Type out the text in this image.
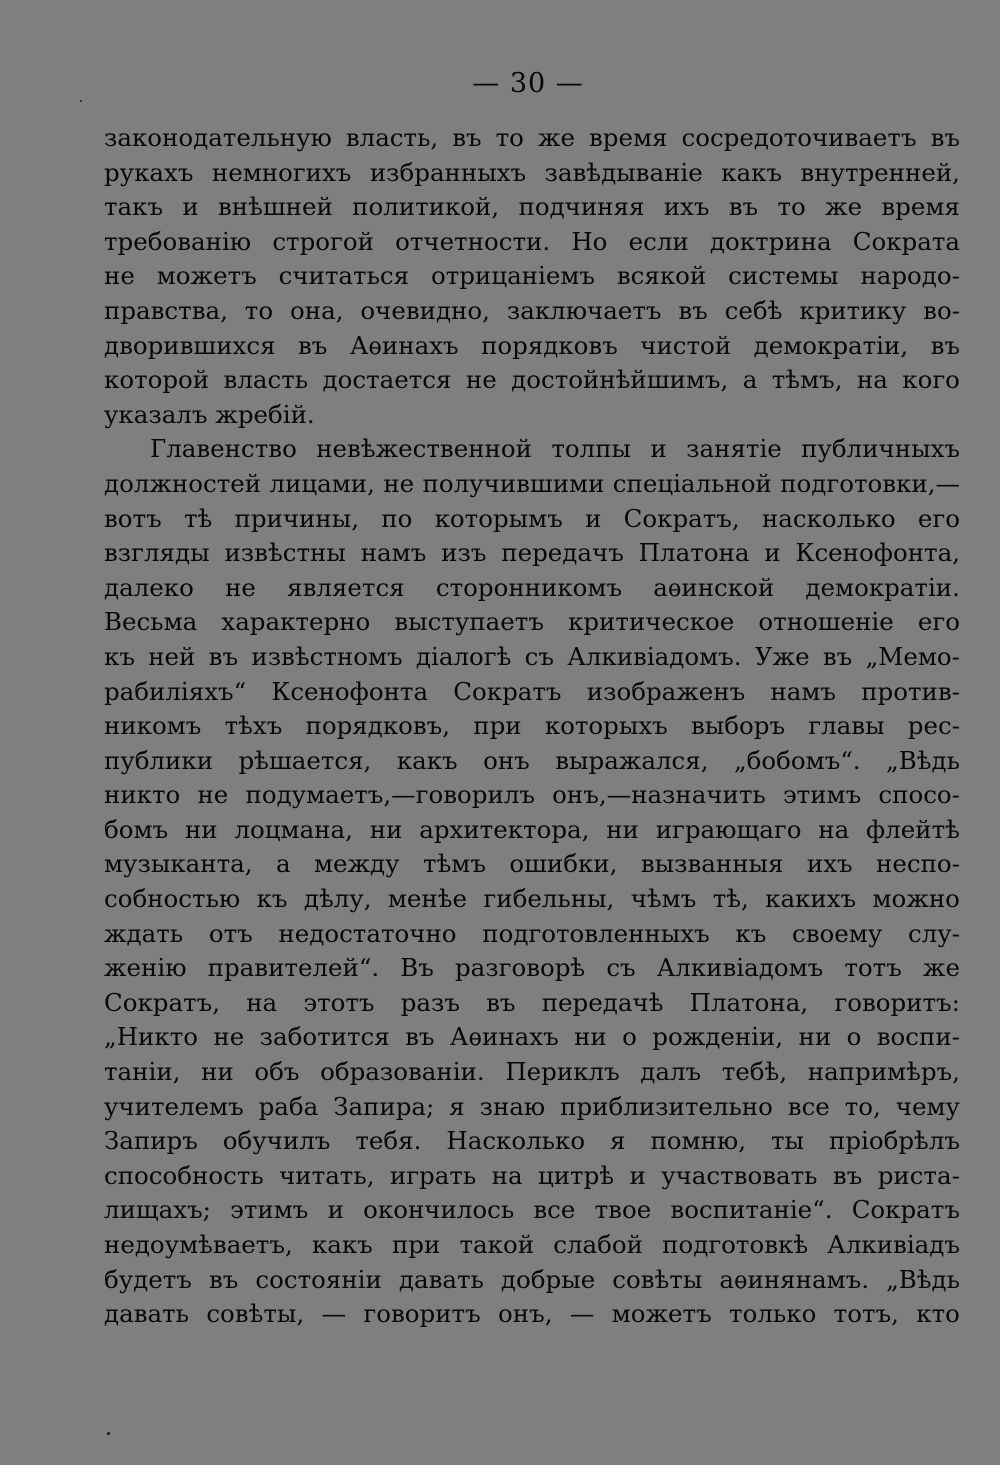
— 30 —
законодательную власть, въ то же время сосредоточиваетъ въ
рукахъ немногихъ избранныхъ завѣдываніе какъ внутренней,
такъ и внѣшней политикой, подчиняя ихъ въ то же время
требованію строгой отчетности. Но если доктрина Сократа
не можетъ считаться отрицаніемъ всякой системы народо-
правства, то она, очевидно, заключаетъ въ себѣ критику во-
дворившихся въ Аѳинахъ порядковъ чистой демократіи, въ
которой власть достается не достойнѣйшимъ, а тѣмъ, на кого
указалъ жребій.
Главенство невѣжественной толпы и занятіе публичныхъ
должностей лицами, не получившими спеціальной подготовки,—
вотъ тѣ причины, по которымъ и Сократъ, насколько его
взгляды извѣстны намъ изъ передачъ Платона и Ксенофонта,
далеко не является сторонникомъ аѳинской демократіи.
Весьма характерно выступаетъ критическое отношеніе его
къ ней въ извѣстномъ діалогѣ съ Алкивіадомъ. Уже въ „Мемо-
рабиліяхъ“ Ксенофонта Сократъ изображенъ намъ против-
никомъ тѣхъ порядковъ, при которыхъ выборъ главы рес-
публики рѣшается, какъ онъ выражался, „бобомъ“. „Вѣдь
никто не подумаетъ,—говорилъ онъ,—назначить этимъ спосо-
бомъ ни лоцмана, ни архитектора, ни играющаго на флейтѣ
музыканта, а между тѣмъ ошибки, вызванныя ихъ неспо-
собностью къ дѣлу, менѣе гибельны, чѣмъ тѣ, какихъ можно
ждать отъ недостаточно подготовленныхъ къ своему слу-
женію правителей“. Въ разговорѣ съ Алкивіадомъ тотъ же
Сократъ, на этотъ разъ въ передачѣ Платона, говоритъ:
„Никто не заботится въ Аѳинахъ ни о рожденіи, ни о воспи-
таніи, ни объ образованіи. Периклъ далъ тебѣ, напримѣръ,
учителемъ раба Запира; я знаю приблизительно все то, чему
Запиръ обучилъ тебя. Насколько я помню, ты пріобрѣлъ
способность читать, играть на цитрѣ и участвовать въ риста-
лищахъ; этимъ и окончилось все твое воспитаніе“. Сократъ
недоумѣваетъ, какъ при такой слабой подготовкѣ Алкивіадъ
будетъ въ состояніи давать добрые совѣты аѳинянамъ. „Вѣдь
давать совѣты, — говоритъ онъ, — можетъ только тотъ, кто
